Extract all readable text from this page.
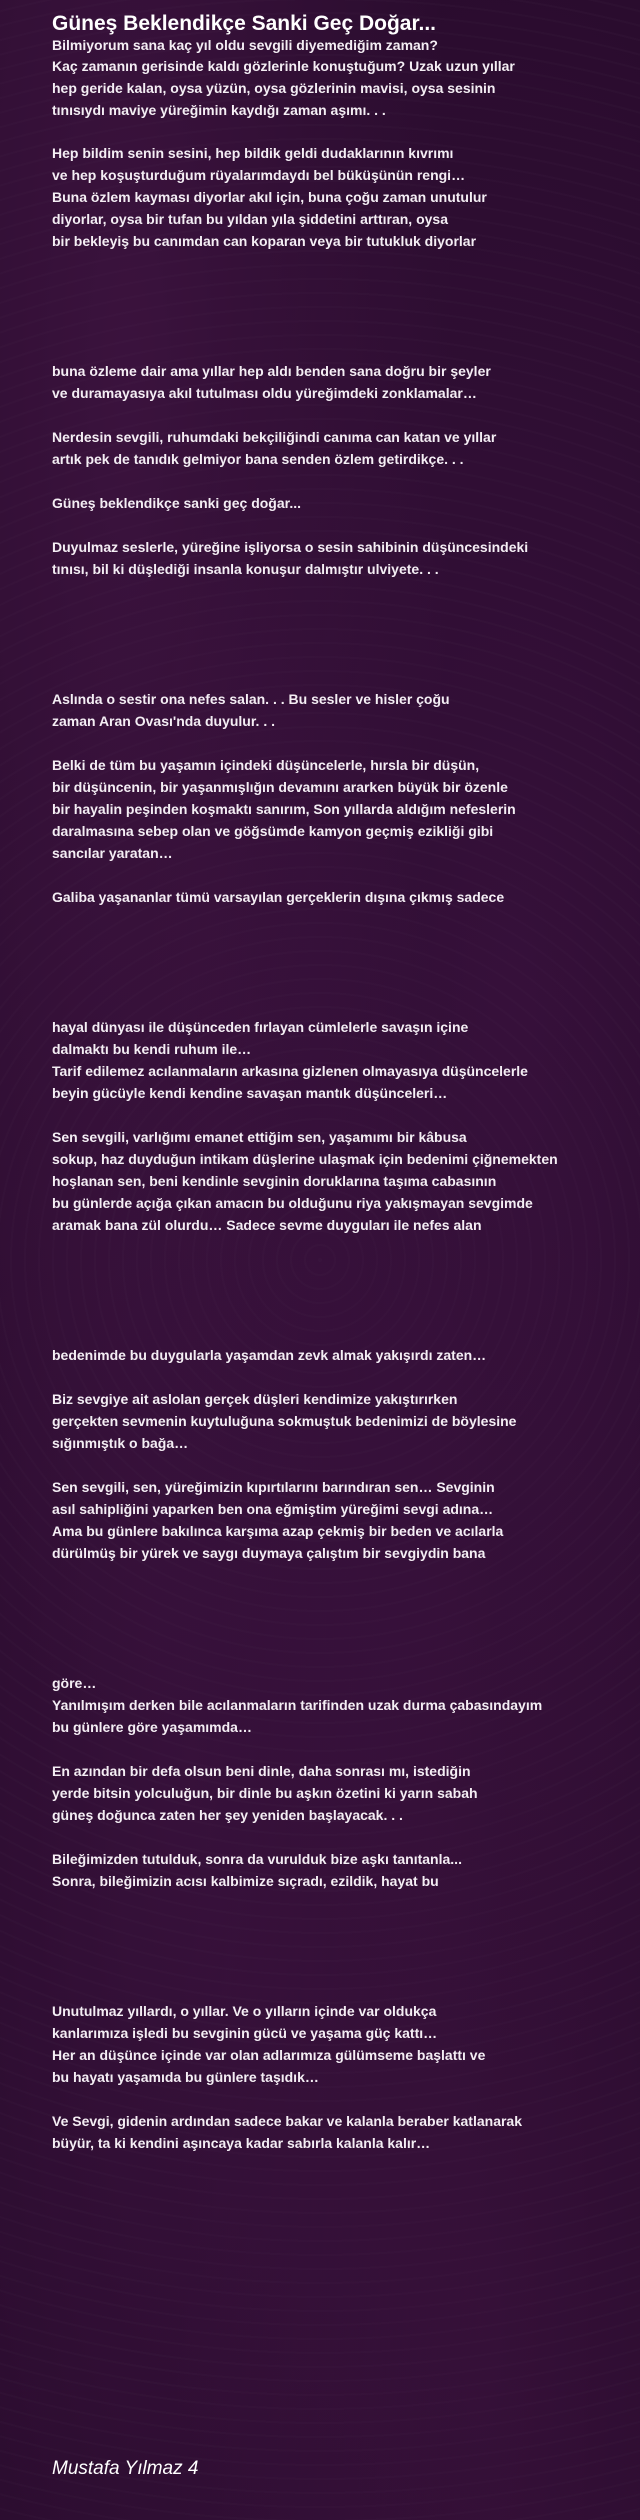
Güneş Beklendikçe Sanki Geç Doğar...
Bilmiyorum sana kaç yıl oldu sevgili diyemediğim zaman?
Kaç zamanın gerisinde kaldı gözlerinle konuştuğum? Uzak uzun yıllar
hep geride kalan, oysa yüzün, oysa gözlerinin mavisi, oysa sesinin
tınısıydı maviye yüreğimin kaydığı zaman aşımı. . .
Hep bildim senin sesini, hep bildik geldi dudaklarının kıvrımı
ve hep koşuşturduğum rüyalarımdaydı bel büküşünün rengi…
Buna özlem kayması diyorlar akıl için, buna çoğu zaman unutulur
diyorlar, oysa bir tufan bu yıldan yıla şiddetini arttıran, oysa
bir bekleyiş bu canımdan can koparan veya bir tutukluk diyorlar
buna özleme dair ama yıllar hep aldı benden sana doğru bir şeyler
ve duramayasıya akıl tutulması oldu yüreğimdeki zonklamalar…
Nerdesin sevgili, ruhumdaki bekçiliğindi canıma can katan ve yıllar
artık pek de tanıdık gelmiyor bana senden özlem getirdikçe. . .
Güneş beklendikçe sanki geç doğar...
Duyulmaz seslerle, yüreğine işliyorsa o sesin sahibinin düşüncesindeki
tınısı, bil ki düşlediği insanla konuşur dalmıştır ulviyete. . .
Aslında o sestir ona nefes salan. . . Bu sesler ve hisler çoğu
zaman Aran Ovası'nda duyulur. . .
Belki de tüm bu yaşamın içindeki düşüncelerle, hırsla bir düşün,
bir düşüncenin, bir yaşanmışlığın devamını ararken büyük bir özenle
bir hayalin peşinden koşmaktı sanırım, Son yıllarda aldığım nefeslerin
daralmasına sebep olan ve göğsümde kamyon geçmiş ezikliği gibi
sancılar yaratan…
Galiba yaşananlar tümü varsayılan gerçeklerin dışına çıkmış sadece
hayal dünyası ile düşünceden fırlayan cümlelerle savaşın içine
dalmaktı bu kendi ruhum ile…
Tarif edilemez acılanmaların arkasına gizlenen olmayasıya düşüncelerle
beyin gücüyle kendi kendine savaşan mantık düşünceleri…
Sen sevgili, varlığımı emanet ettiğim sen, yaşamımı bir kâbusa
sokup, haz duyduğun intikam düşlerine ulaşmak için bedenimi çiğnemekten
hoşlanan sen, beni kendinle sevginin doruklarına taşıma cabasının
bu günlerde açığa çıkan amacın bu olduğunu riya yakışmayan sevgimde
aramak bana zül olurdu… Sadece sevme duyguları ile nefes alan
bedenimde bu duygularla yaşamdan zevk almak yakışırdı zaten…
Biz sevgiye ait aslolan gerçek düşleri kendimize yakıştırırken
gerçekten sevmenin kuytuluğuna sokmuştuk bedenimizi de böylesine
sığınmıştık o bağa…
Sen sevgili, sen, yüreğimizin kıpırtılarını barındıran sen… Sevginin
asıl sahipliğini yaparken ben ona eğmiştim yüreğimi sevgi adına…
Ama bu günlere bakılınca karşıma azap çekmiş bir beden ve acılarla
dürülmüş bir yürek ve saygı duymaya çalıştım bir sevgiydin bana
göre…
Yanılmışım derken bile acılanmaların tarifinden uzak durma çabasındayım
bu günlere göre yaşamımda…
En azından bir defa olsun beni dinle, daha sonrası mı, istediğin
yerde bitsin yolculuğun, bir dinle bu aşkın özetini ki yarın sabah
güneş doğunca zaten her şey yeniden başlayacak. . .
Bileğimizden tutulduk, sonra da vurulduk bize aşkı tanıtanla...
Sonra, bileğimizin acısı kalbimize sıçradı, ezildik, hayat bu
Unutulmaz yıllardı, o yıllar. Ve o yılların içinde var oldukça
kanlarımıza işledi bu sevginin gücü ve yaşama güç kattı…
Her an düşünce içinde var olan adlarımıza gülümseme başlattı ve
bu hayatı yaşamıda bu günlere taşıdık…
Ve Sevgi, gidenin ardından sadece bakar ve kalanla beraber katlanarak
büyür, ta ki kendini aşıncaya kadar sabırla kalanla kalır…
Mustafa Yılmaz 4
